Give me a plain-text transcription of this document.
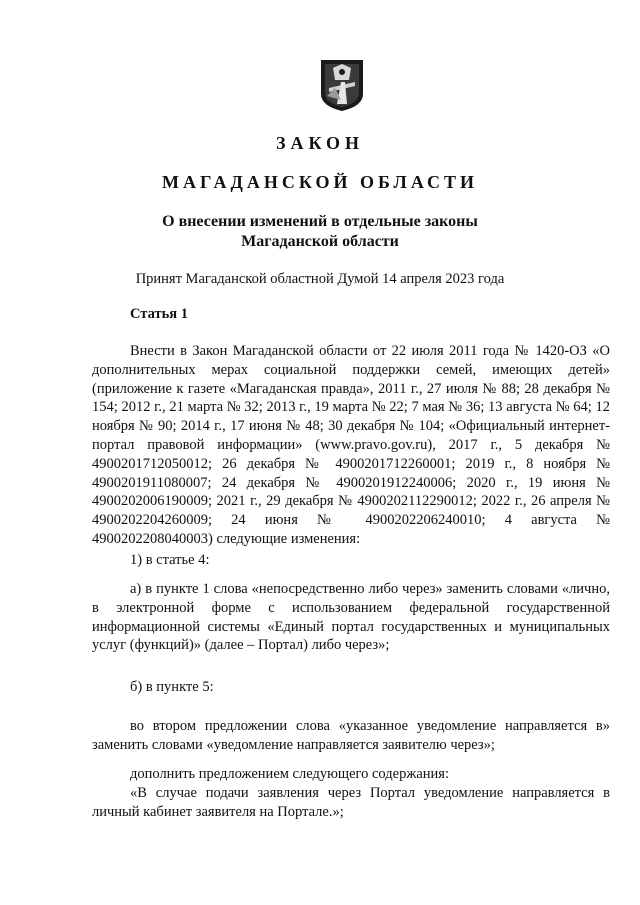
ЗАКОН
МАГАДАНСКОЙ ОБЛАСТИ
О внесении изменений в отдельные законы
Магаданской области
Принят Магаданской областной Думой 14 апреля 2023 года
Статья 1

Внести в Закон Магаданской области от 22 июля 2011 года № 1420-ОЗ «О дополнительных мерах социальной поддержки семей, имеющих детей» (приложение к газете «Магаданская правда», 2011 г., 27 июля № 88; 28 декабря № 154; 2012 г., 21 марта № 32; 2013 г., 19 марта № 22; 7 мая № 36; 13 августа № 64; 12 ноября № 90; 2014 г., 17 июня № 48; 30 декабря № 104; «Официальный интернет-портал правовой информации» (www.pravo.gov.ru), 2017 г., 5 декабря № 4900201712050012; 26 декабря № 4900201712260001; 2019 г., 8 ноября № 4900201911080007; 24 декабря № 4900201912240006; 2020 г., 19 июня № 4900202006190009; 2021 г., 29 декабря № 4900202112290012; 2022 г., 26 апреля № 4900202204260009; 24 июня № 4900202206240010; 4 августа № 4900202208040003) следующие изменения:

1) в статье 4:

а) в пункте 1 слова «непосредственно либо через» заменить словами «лично, в электронной форме с использованием федеральной государственной информационной системы «Единый портал государственных и муниципальных услуг (функций)» (далее – Портал) либо через»;

б) в пункте 5:

во втором предложении слова «указанное уведомление направляется в» заменить словами «уведомление направляется заявителю через»;

дополнить предложением следующего содержания:

«В случае подачи заявления через Портал уведомление направляется в личный кабинет заявителя на Портале.»;
